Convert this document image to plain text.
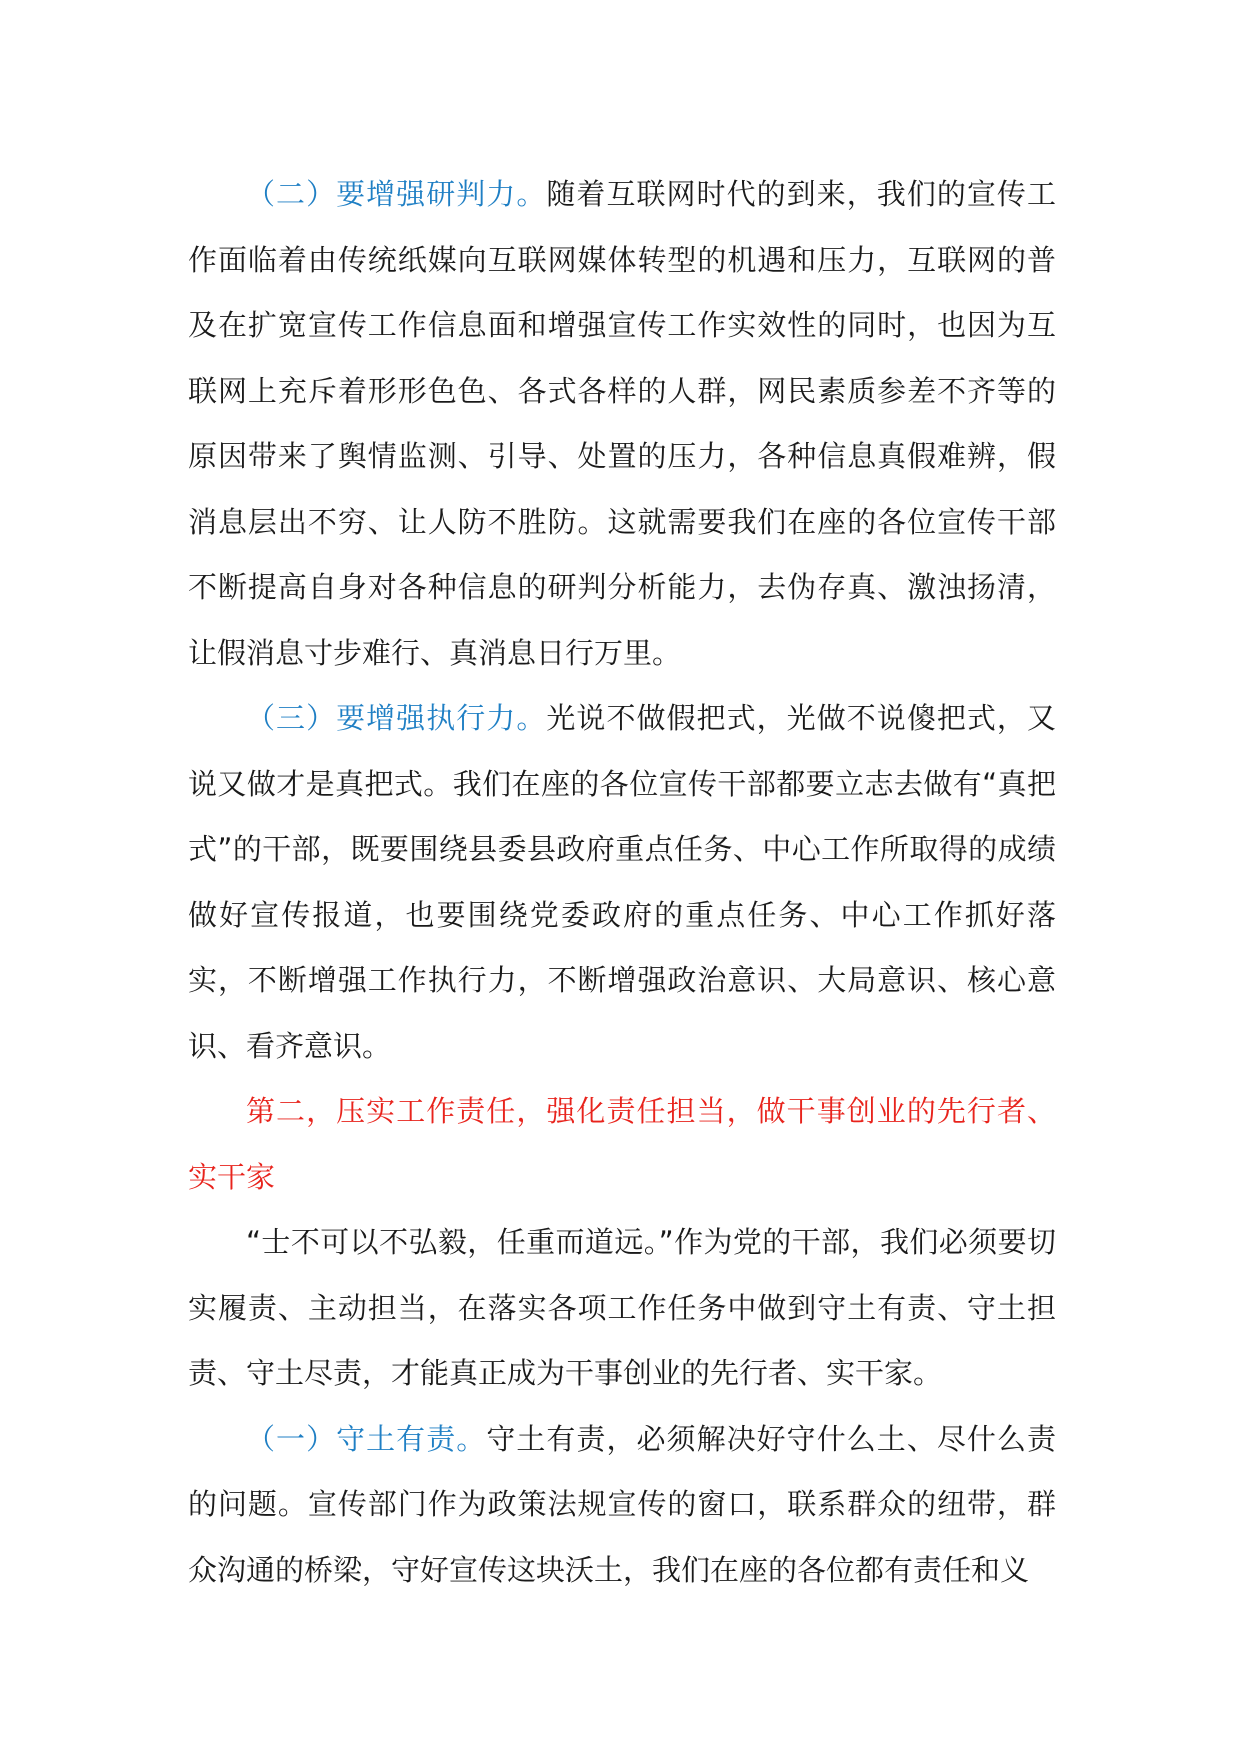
（二）要增强研判力。随着互联网时代的到来，我们的宣传工作面临着由传统纸媒向互联网媒体转型的机遇和压力，互联网的普及在扩宽宣传工作信息面和增强宣传工作实效性的同时，也因为互联网上充斥着形形色色、各式各样的人群，网民素质参差不齐等的原因带来了舆情监测、引导、处置的压力，各种信息真假难辨，假消息层出不穷、让人防不胜防。这就需要我们在座的各位宣传干部不断提高自身对各种信息的研判分析能力，去伪存真、激浊扬清，让假消息寸步难行、真消息日行万里。

（三）要增强执行力。光说不做假把式，光做不说傻把式，又说又做才是真把式。我们在座的各位宣传干部都要立志去做有“真把式”的干部，既要围绕县委县政府重点任务、中心工作所取得的成绩做好宣传报道，也要围绕党委政府的重点任务、中心工作抓好落实，不断增强工作执行力，不断增强政治意识、大局意识、核心意识、看齐意识。

第二，压实工作责任，强化责任担当，做干事创业的先行者、实干家

“士不可以不弘毅，任重而道远。”作为党的干部，我们必须要切实履责、主动担当，在落实各项工作任务中做到守土有责、守土担责、守土尽责，才能真正成为干事创业的先行者、实干家。

（一）守土有责。守土有责，必须解决好守什么土、尽什么责的问题。宣传部门作为政策法规宣传的窗口，联系群众的纽带，群众沟通的桥梁，守好宣传这块沃土，我们在座的各位都有责任和义
